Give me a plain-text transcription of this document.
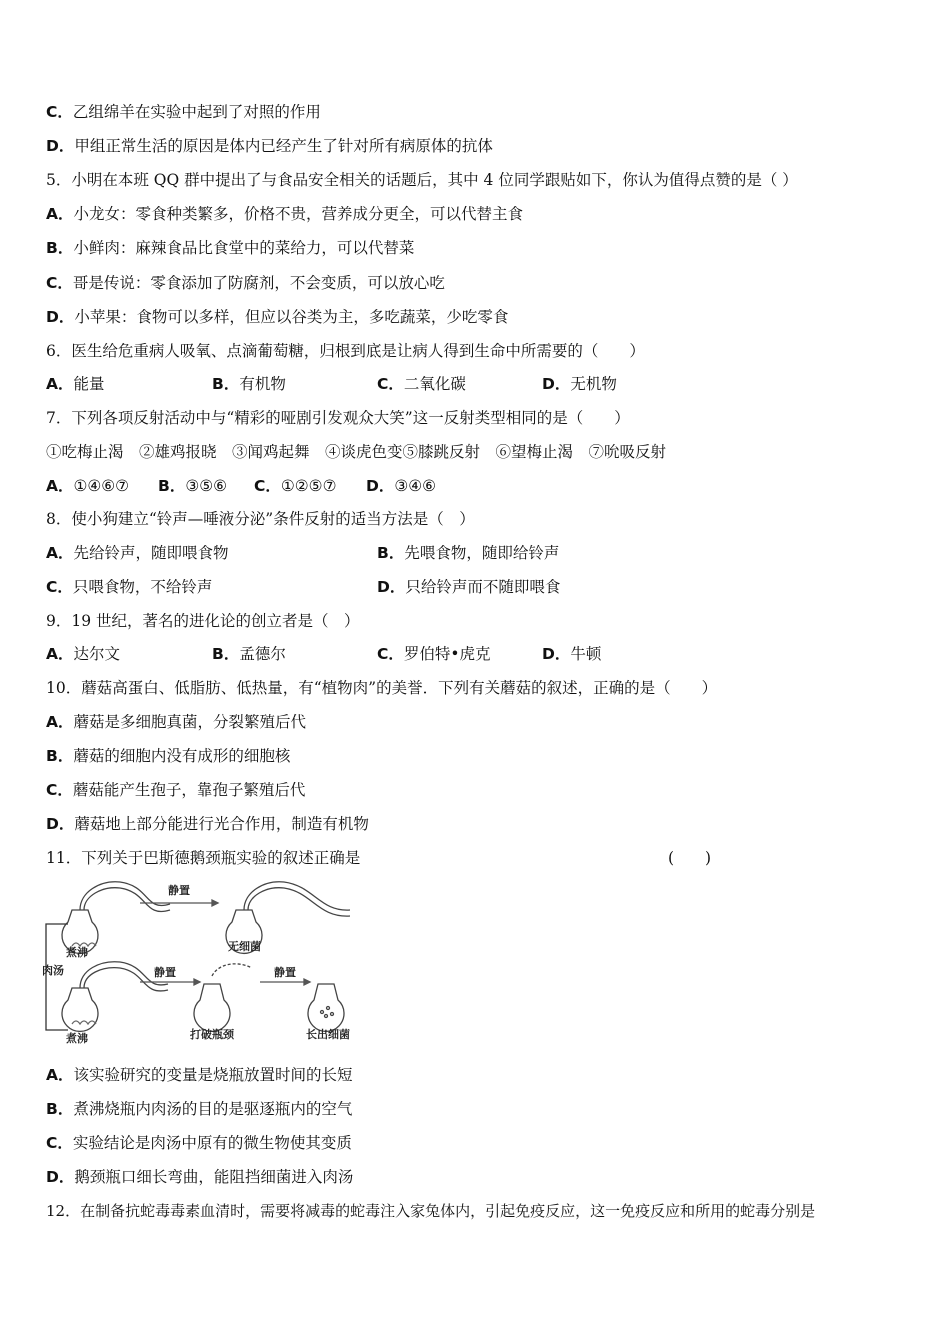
C．乙组绵羊在实验中起到了对照的作用
D．甲组正常生活的原因是体内已经产生了针对所有病原体的抗体
5．小明在本班 QQ 群中提出了与食品安全相关的话题后，其中 4 位同学跟贴如下，你认为值得点赞的是（ ）
A．小龙女：零食种类繁多，价格不贵，营养成分更全，可以代替主食
B．小鲜肉：麻辣食品比食堂中的菜给力，可以代替菜
C．哥是传说：零食添加了防腐剂，不会变质，可以放心吃
D．小苹果：食物可以多样，但应以谷类为主，多吃蔬菜，少吃零食
6．医生给危重病人吸氧、点滴葡萄糖，归根到底是让病人得到生命中所需要的（　　）
A．能量	B．有机物	C．二氧化碳	D．无机物
7．下列各项反射活动中与“精彩的哑剧引发观众大笑”这一反射类型相同的是（　　）
①吃梅止渴　②雄鸡报晓　③闻鸡起舞　④谈虎色变⑤膝跳反射　⑥望梅止渴　⑦吮吸反射
A．①④⑥⑦ B．③⑤⑥ C．①②⑤⑦ D．③④⑥
8．使小狗建立“铃声—唾液分泌”条件反射的适当方法是（　）
A．先给铃声，随即喂食物	B．先喂食物，随即给铃声
C．只喂食物，不给铃声	D．只给铃声而不随即喂食
9．19 世纪，著名的进化论的创立者是（　）
A．达尔文	B．孟德尔	C．罗伯特•虎克	D．牛顿
10．蘑菇高蛋白、低脂肪、低热量，有“植物肉”的美誉．下列有关蘑菇的叙述，正确的是（　　）
A．蘑菇是多细胞真菌，分裂繁殖后代
B．蘑菇的细胞内没有成形的细胞核
C．蘑菇能产生孢子，靠孢子繁殖后代
D．蘑菇地上部分能进行光合作用，制造有机物
11．下列关于巴斯德鹅颈瓶实验的叙述正确是	(　　)
静置
煮沸	无细菌
肉汤	静置	静置
煮沸	打破瓶颈	长出细菌
A．该实验研究的变量是烧瓶放置时间的长短
B．煮沸烧瓶内肉汤的目的是驱逐瓶内的空气
C．实验结论是肉汤中原有的微生物使其变质
D．鹅颈瓶口细长弯曲，能阻挡细菌进入肉汤
12．在制备抗蛇毒毒素血清时，需要将减毒的蛇毒注入家兔体内，引起免疫反应，这一免疫反应和所用的蛇毒分别是
